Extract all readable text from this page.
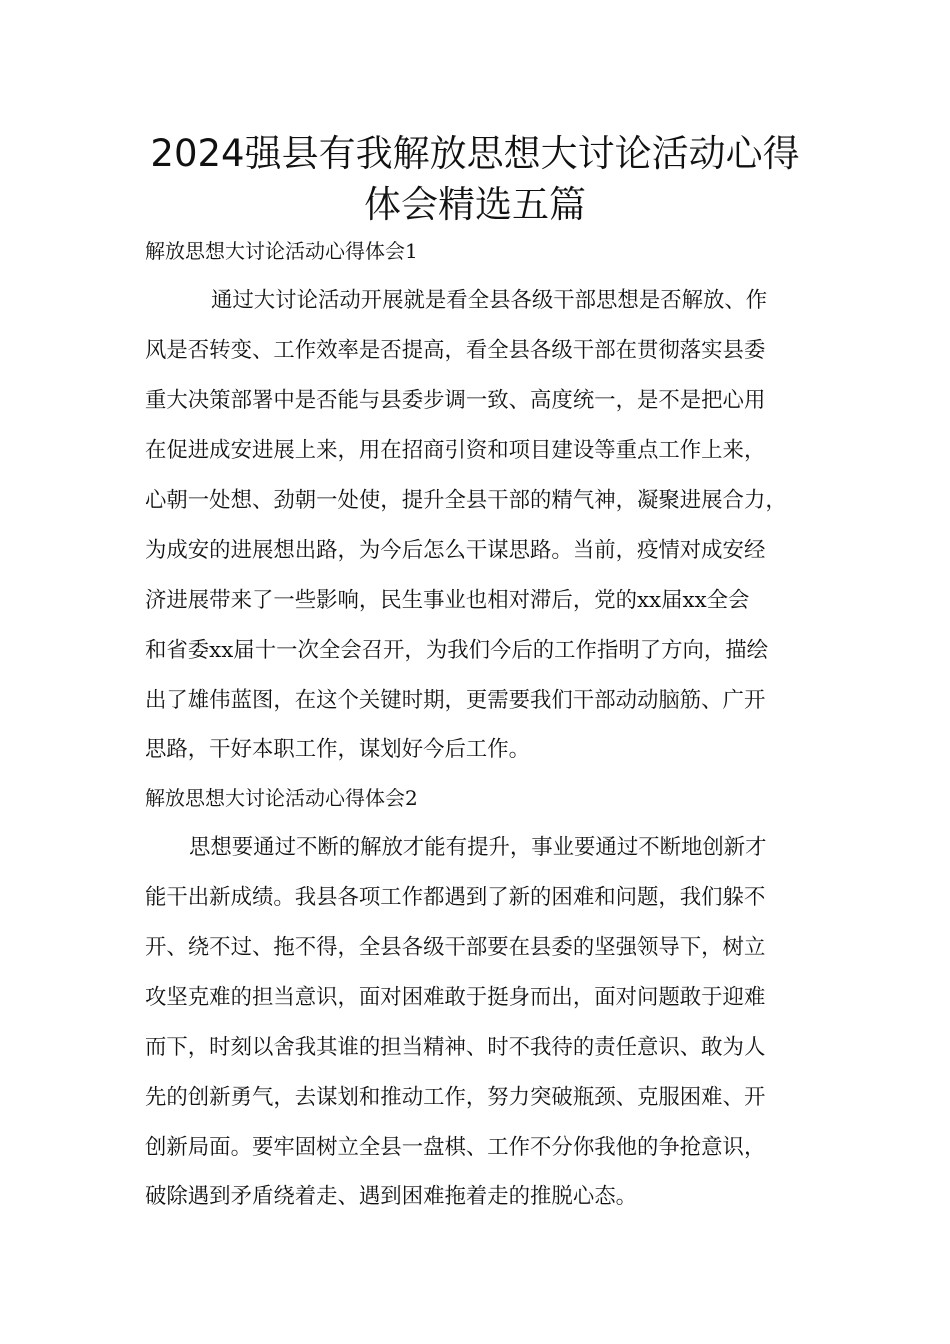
2024强县有我解放思想大讨论活动心得
体会精选五篇
解放思想大讨论活动心得体会1
通过大讨论活动开展就是看全县各级干部思想是否解放、作
风是否转变、工作效率是否提高，看全县各级干部在贯彻落实县委
重大决策部署中是否能与县委步调一致、高度统一，是不是把心用
在促进成安进展上来，用在招商引资和项目建设等重点工作上来，
心朝一处想、劲朝一处使，提升全县干部的精气神，凝聚进展合力，
为成安的进展想出路，为今后怎么干谋思路。当前，疫情对成安经
济进展带来了一些影响，民生事业也相对滞后，党的xx届xx全会
和省委xx届十一次全会召开，为我们今后的工作指明了方向，描绘
出了雄伟蓝图，在这个关键时期，更需要我们干部动动脑筋、广开
思路，干好本职工作，谋划好今后工作。
解放思想大讨论活动心得体会2
思想要通过不断的解放才能有提升，事业要通过不断地创新才
能干出新成绩。我县各项工作都遇到了新的困难和问题，我们躲不
开、绕不过、拖不得，全县各级干部要在县委的坚强领导下，树立
攻坚克难的担当意识，面对困难敢于挺身而出，面对问题敢于迎难
而下，时刻以舍我其谁的担当精神、时不我待的责任意识、敢为人
先的创新勇气，去谋划和推动工作，努力突破瓶颈、克服困难、开
创新局面。要牢固树立全县一盘棋、工作不分你我他的争抢意识，
破除遇到矛盾绕着走、遇到困难拖着走的推脱心态。
